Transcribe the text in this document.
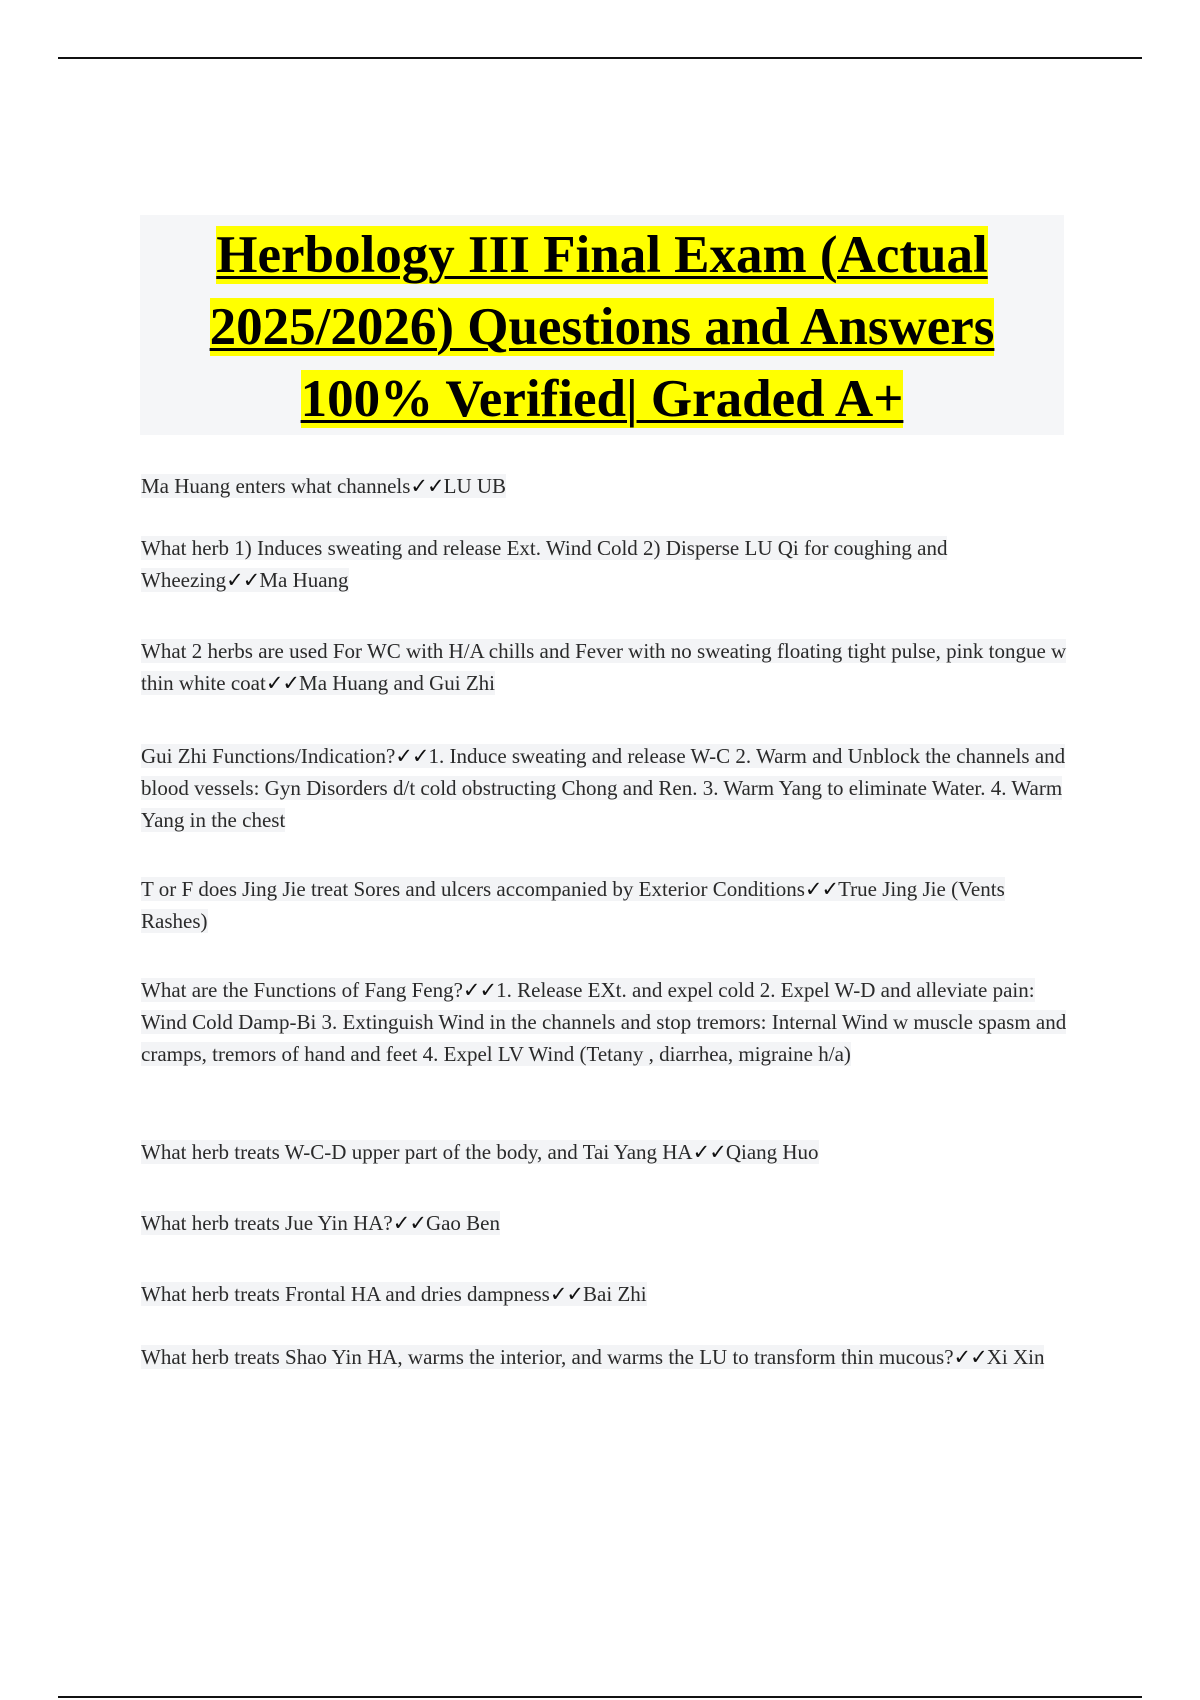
Herbology III Final Exam (Actual
2025/2026) Questions and Answers
100% Verified| Graded A+
Ma Huang enters what channels✓✓LU UB
What herb 1) Induces sweating and release Ext. Wind Cold 2) Disperse LU Qi for coughing and Wheezing✓✓Ma Huang
What 2 herbs are used For WC with H/A chills and Fever with no sweating floating tight pulse, pink tongue w thin white coat✓✓Ma Huang and Gui Zhi
Gui Zhi Functions/Indication?✓✓1. Induce sweating and release W-C 2. Warm and Unblock the channels and blood vessels: Gyn Disorders d/t cold obstructing Chong and Ren. 3. Warm Yang to eliminate Water. 4. Warm Yang in the chest
T or F does Jing Jie treat Sores and ulcers accompanied by Exterior Conditions✓✓True Jing Jie (Vents Rashes)
What are the Functions of Fang Feng?✓✓1. Release EXt. and expel cold 2. Expel W-D and alleviate pain: Wind Cold Damp-Bi 3. Extinguish Wind in the channels and stop tremors: Internal Wind w muscle spasm and cramps, tremors of hand and feet 4. Expel LV Wind (Tetany , diarrhea, migraine h/a)
What herb treats W-C-D upper part of the body, and Tai Yang HA✓✓Qiang Huo
What herb treats Jue Yin HA?✓✓Gao Ben
What herb treats Frontal HA and dries dampness✓✓Bai Zhi
What herb treats Shao Yin HA, warms the interior, and warms the LU to transform thin mucous?✓✓Xi Xin
